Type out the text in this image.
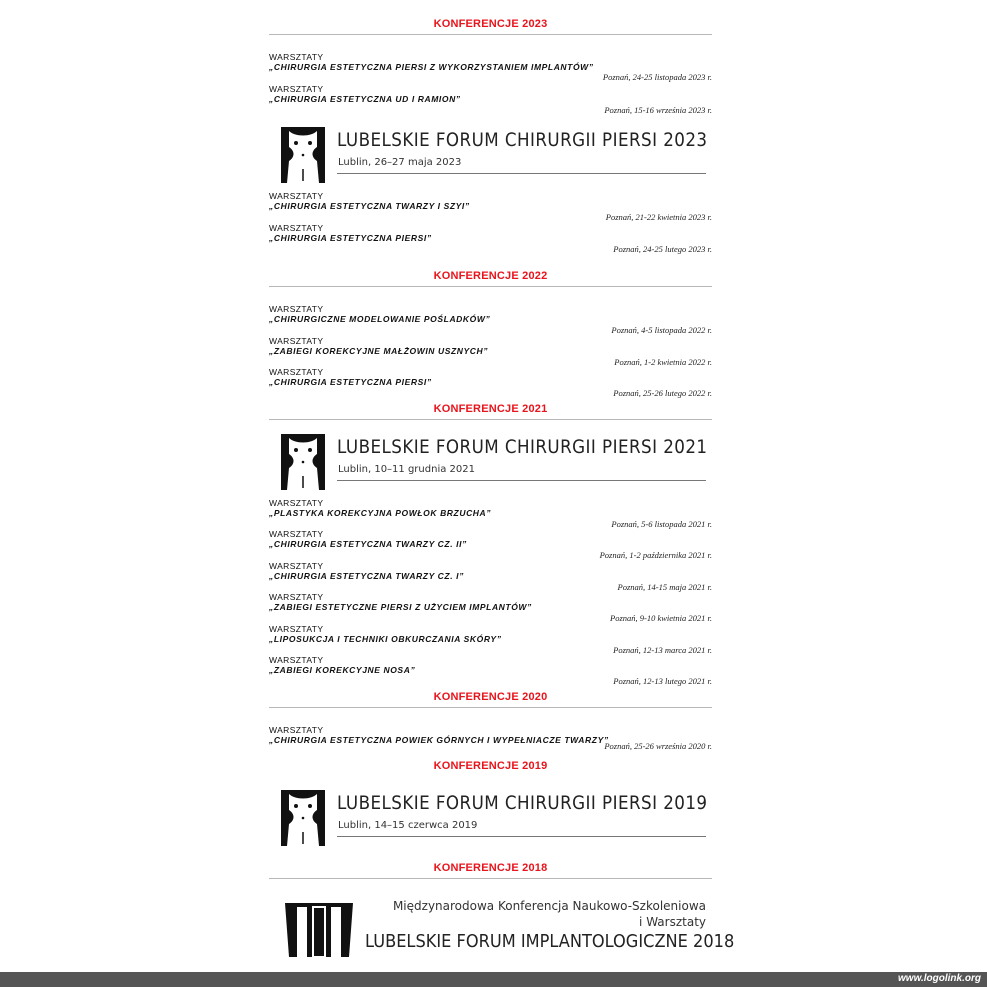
KONFERENCJE 2023
WARSZTATY
„CHIRURGIA ESTETYCZNA PIERSI Z WYKORZYSTANIEM IMPLANTÓW”
Poznań, 24-25 listopada 2023 r.
WARSZTATY
„CHIRURGIA ESTETYCZNA UD I RAMION”
Poznań, 15-16 września 2023 r.
LUBELSKIE FORUM CHIRURGII PIERSI 2023
Lublin, 26–27 maja 2023
WARSZTATY
„CHIRURGIA ESTETYCZNA TWARZY I SZYI”
Poznań, 21-22 kwietnia 2023 r.
WARSZTATY
„CHIRURGIA ESTETYCZNA PIERSI”
Poznań, 24-25 lutego 2023 r.
KONFERENCJE 2022
WARSZTATY
„CHIRURGICZNE MODELOWANIE POŚLADKÓW”
Poznań, 4-5 listopada 2022 r.
WARSZTATY
„ZABIEGI KOREKCYJNE MAŁŻOWIN USZNYCH”
Poznań, 1-2 kwietnia 2022 r.
WARSZTATY
„CHIRURGIA ESTETYCZNA PIERSI”
Poznań, 25-26 lutego 2022 r.
KONFERENCJE 2021
LUBELSKIE FORUM CHIRURGII PIERSI 2021
Lublin, 10–11 grudnia 2021
WARSZTATY
„PLASTYKA KOREKCYJNA POWŁOK BRZUCHA”
Poznań, 5-6 listopada 2021 r.
WARSZTATY
„CHIRURGIA ESTETYCZNA TWARZY CZ. II”
Poznań, 1-2 października 2021 r.
WARSZTATY
„CHIRURGIA ESTETYCZNA TWARZY CZ. I”
Poznań, 14-15 maja 2021 r.
WARSZTATY
„ZABIEGI ESTETYCZNE PIERSI Z UŻYCIEM IMPLANTÓW”
Poznań, 9-10 kwietnia 2021 r.
WARSZTATY
„LIPOSUKCJA I TECHNIKI OBKURCZANIA SKÓRY”
Poznań, 12-13 marca 2021 r.
WARSZTATY
„ZABIEGI KOREKCYJNE NOSA”
Poznań, 12-13 lutego 2021 r.
KONFERENCJE 2020
WARSZTATY
„CHIRURGIA ESTETYCZNA POWIEK GÓRNYCH I WYPEŁNIACZE TWARZY”
Poznań, 25-26 września 2020 r.
KONFERENCJE 2019
LUBELSKIE FORUM CHIRURGII PIERSI 2019
Lublin, 14–15 czerwca 2019
KONFERENCJE 2018
Międzynarodowa Konferencja Naukowo-Szkoleniowa
i Warsztaty
LUBELSKIE FORUM IMPLANTOLOGICZNE 2018
www.logolink.org
